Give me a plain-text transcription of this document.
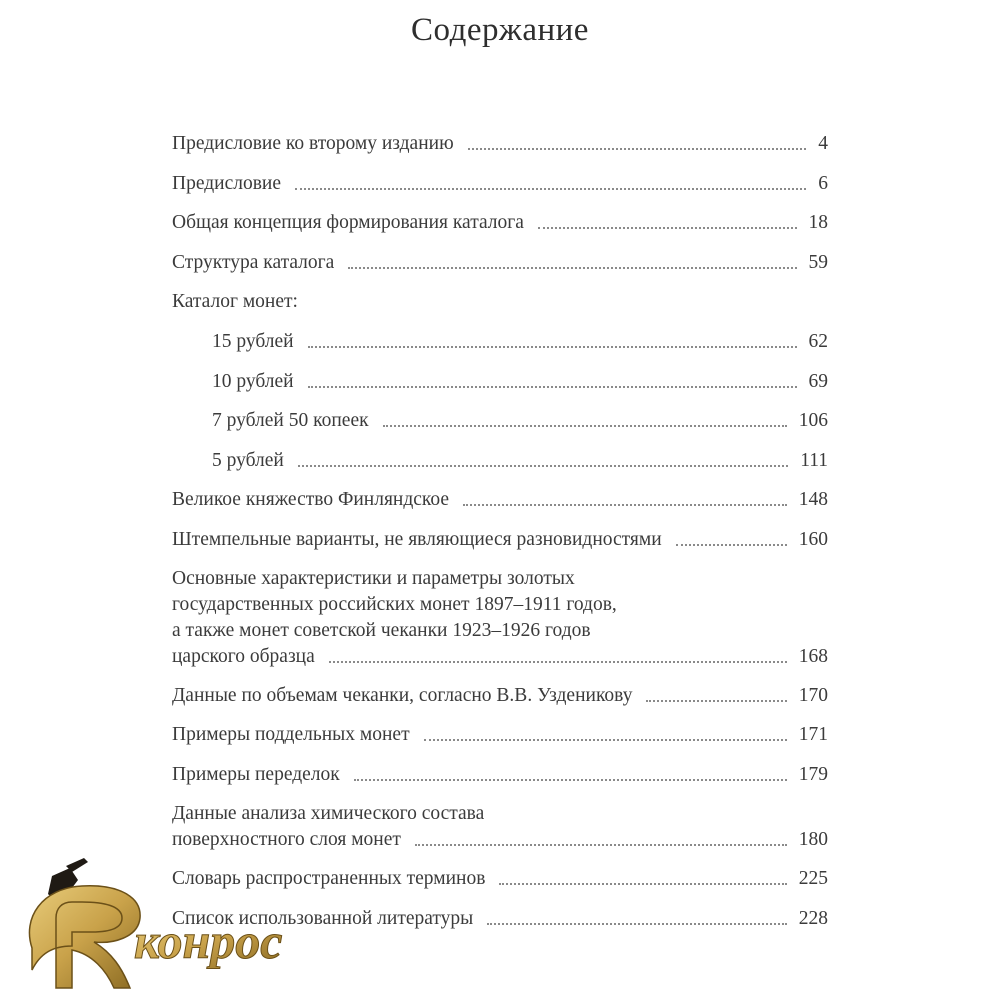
Содержание
Предисловие ко второму изданию	4
Предисловие	6
Общая концепция формирования каталога	18
Структура каталога	59
Каталог монет:
15 рублей	62
10 рублей	69
7 рублей 50 копеек	106
5 рублей	111
Великое княжество Финляндское	148
Штемпельные варианты, не являющиеся разновидностями	160
Основные характеристики и параметры золотых
государственных российских монет 1897–1911 годов,
а также монет советской чеканки 1923–1926 годов
царского образца	168
Данные по объемам чеканки, согласно В.В. Узденикову	170
Примеры поддельных монет	171
Примеры переделок	179
Данные анализа химического состава
поверхностного слоя монет	180
Словарь распространенных терминов	225
Список использованной литературы	228
конрос
